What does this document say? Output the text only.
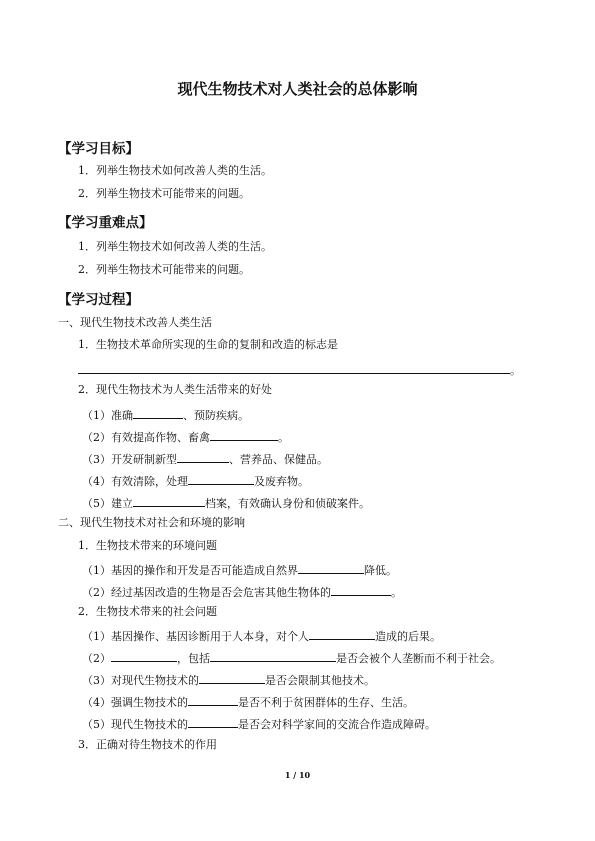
现代生物技术对人类社会的总体影响
【学习目标】
1．列举生物技术如何改善人类的生活。
2．列举生物技术可能带来的问题。
【学习重难点】
1．列举生物技术如何改善人类的生活。
2．列举生物技术可能带来的问题。
【学习过程】
一、现代生物技术改善人类生活
1．生物技术革命所实现的生命的复制和改造的标志是
。
2．现代生物技术为人类生活带来的好处
（1）准确	、预防疾病。
（2）有效提高作物、畜禽	。
（3）开发研制新型	、营养品、保健品。
（4）有效清除，处理	及废弃物。
（5）建立	档案，有效确认身份和侦破案件。
二、现代生物技术对社会和环境的影响
1．生物技术带来的环境问题
（1）基因的操作和开发是否可能造成自然界	降低。
（2）经过基因改造的生物是否会危害其他生物体的	。
2．生物技术带来的社会问题
（1）基因操作、基因诊断用于人本身，对个人	造成的后果。
（2）	，包括	是否会被个人垄断而不利于社会。
（3）对现代生物技术的	是否会限制其他技术。
（4）强调生物技术的	是否不利于贫困群体的生存、生活。
（5）现代生物技术的	是否会对科学家间的交流合作造成障碍。
3．正确对待生物技术的作用
1 / 10
